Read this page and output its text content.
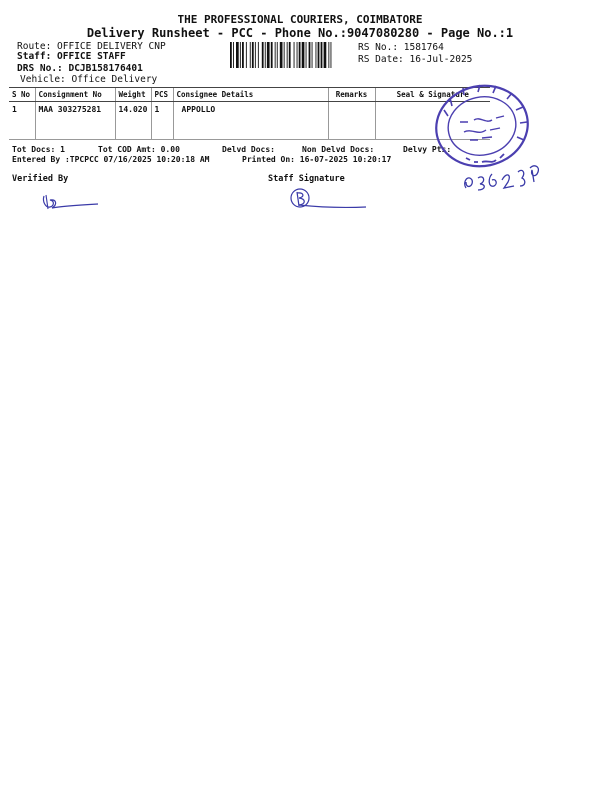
THE PROFESSIONAL COURIERS, COIMBATORE
Delivery Runsheet - PCC - Phone No.:9047080280 - Page No.:1
Route: OFFICE DELIVERY CNP
Staff: OFFICE STAFF
DRS No.: DCJB158176401
Vehicle: Office Delivery
RS No.: 1581764
RS Date: 16-Jul-2025
S No	Consignment No	Weight	PCS	Consignee Details	Remarks	Seal & Signature
1	MAA 303275281	14.020	1	APPOLLO		
Tot Docs: 1	Tot COD Amt: 0.00	Delvd Docs:	Non Delvd Docs:	Delvy Pts:
Entered By :TPCPCC 07/16/2025 10:20:18 AM	Printed On: 16-07-2025 10:20:17
Verified By	Staff Signature
